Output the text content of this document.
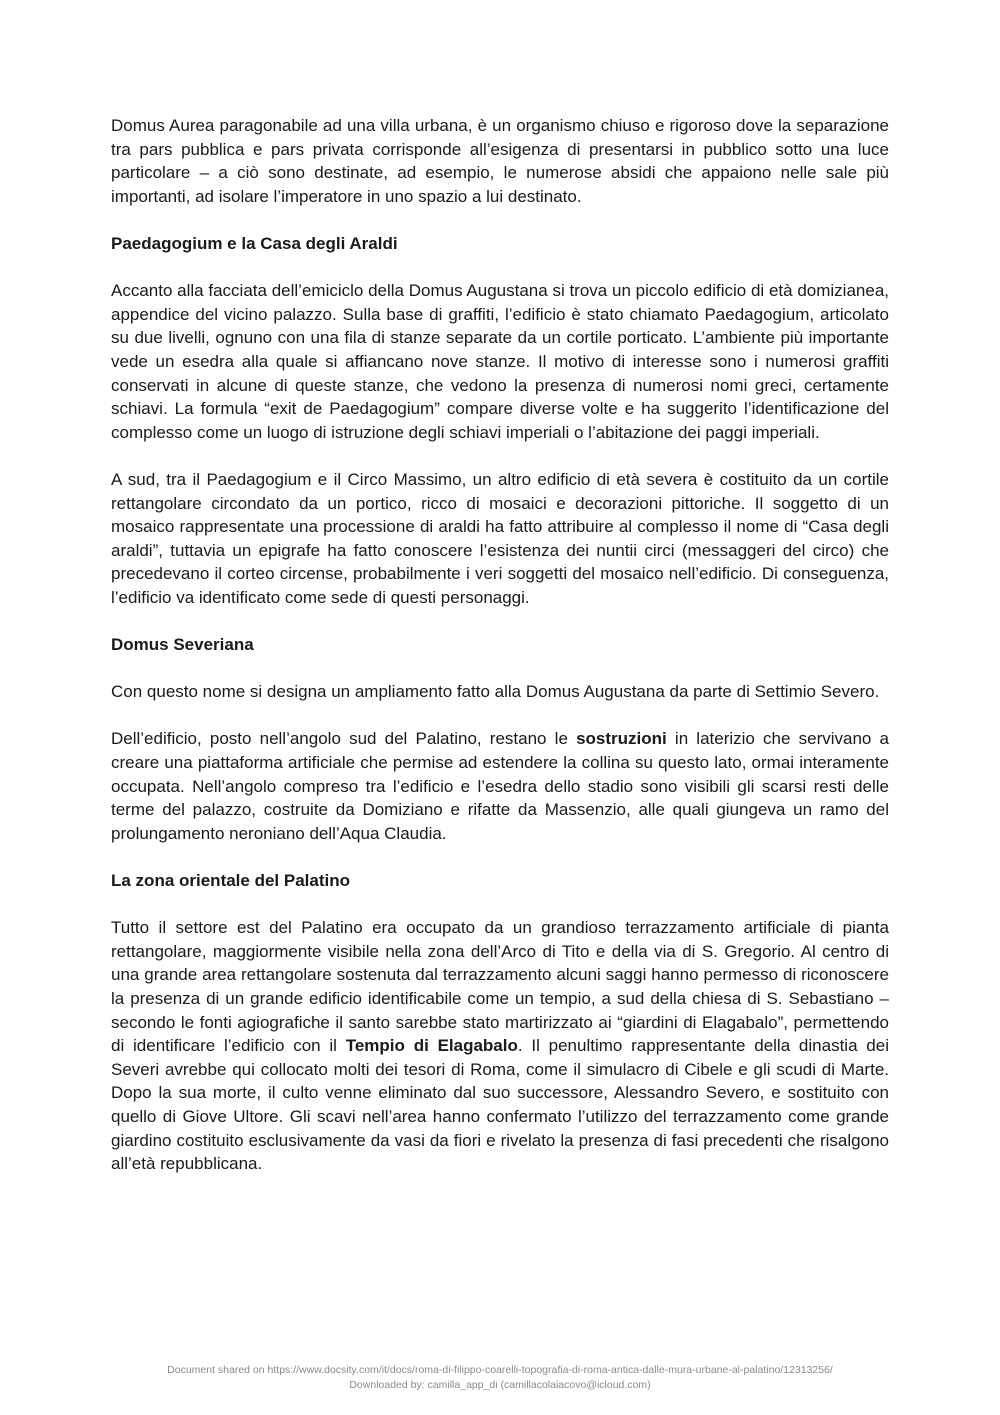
Domus Aurea paragonabile ad una villa urbana, è un organismo chiuso e rigoroso dove la separazione tra pars pubblica e pars privata corrisponde all’esigenza di presentarsi in pubblico sotto una luce particolare – a ciò sono destinate, ad esempio, le numerose absidi che appaiono nelle sale più importanti, ad isolare l’imperatore in uno spazio a lui destinato.

Paedagogium e la Casa degli Araldi

Accanto alla facciata dell’emiciclo della Domus Augustana si trova un piccolo edificio di età domizianea, appendice del vicino palazzo. Sulla base di graffiti, l’edificio è stato chiamato Paedagogium, articolato su due livelli, ognuno con una fila di stanze separate da un cortile porticato. L’ambiente più importante vede un esedra alla quale si affiancano nove stanze. Il motivo di interesse sono i numerosi graffiti conservati in alcune di queste stanze, che vedono la presenza di numerosi nomi greci, certamente schiavi. La formula “exit de Paedagogium” compare diverse volte e ha suggerito l’identificazione del complesso come un luogo di istruzione degli schiavi imperiali o l’abitazione dei paggi imperiali.

A sud, tra il Paedagogium e il Circo Massimo, un altro edificio di età severa è costituito da un cortile rettangolare circondato da un portico, ricco di mosaici e decorazioni pittoriche. Il soggetto di un mosaico rappresentate una processione di araldi ha fatto attribuire al complesso il nome di “Casa degli araldi”, tuttavia un epigrafe ha fatto conoscere l’esistenza dei nuntii circi (messaggeri del circo) che precedevano il corteo circense, probabilmente i veri soggetti del mosaico nell’edificio. Di conseguenza, l’edificio va identificato come sede di questi personaggi.

Domus Severiana

Con questo nome si designa un ampliamento fatto alla Domus Augustana da parte di Settimio Severo.

Dell’edificio, posto nell’angolo sud del Palatino, restano le sostruzioni in laterizio che servivano a creare una piattaforma artificiale che permise ad estendere la collina su questo lato, ormai interamente occupata. Nell’angolo compreso tra l’edificio e l’esedra dello stadio sono visibili gli scarsi resti delle terme del palazzo, costruite da Domiziano e rifatte da Massenzio, alle quali giungeva un ramo del prolungamento neroniano dell’Aqua Claudia.

La zona orientale del Palatino

Tutto il settore est del Palatino era occupato da un grandioso terrazzamento artificiale di pianta rettangolare, maggiormente visibile nella zona dell’Arco di Tito e della via di S. Gregorio. Al centro di una grande area rettangolare sostenuta dal terrazzamento alcuni saggi hanno permesso di riconoscere la presenza di un grande edificio identificabile come un tempio, a sud della chiesa di S. Sebastiano – secondo le fonti agiografiche il santo sarebbe stato martirizzato ai “giardini di Elagabalo”, permettendo di identificare l’edificio con il Tempio di Elagabalo. Il penultimo rappresentante della dinastia dei Severi avrebbe qui collocato molti dei tesori di Roma, come il simulacro di Cibele e gli scudi di Marte. Dopo la sua morte, il culto venne eliminato dal suo successore, Alessandro Severo, e sostituito con quello di Giove Ultore. Gli scavi nell’area hanno confermato l’utilizzo del terrazzamento come grande giardino costituito esclusivamente da vasi da fiori e rivelato la presenza di fasi precedenti che risalgono all’età repubblicana.

Document shared on https://www.docsity.com/it/docs/roma-di-filippo-coarelli-topografia-di-roma-antica-dalle-mura-urbane-al-palatino/12313256/
Downloaded by: camilla_app_di (camillacolaiacovo@icloud.com)
